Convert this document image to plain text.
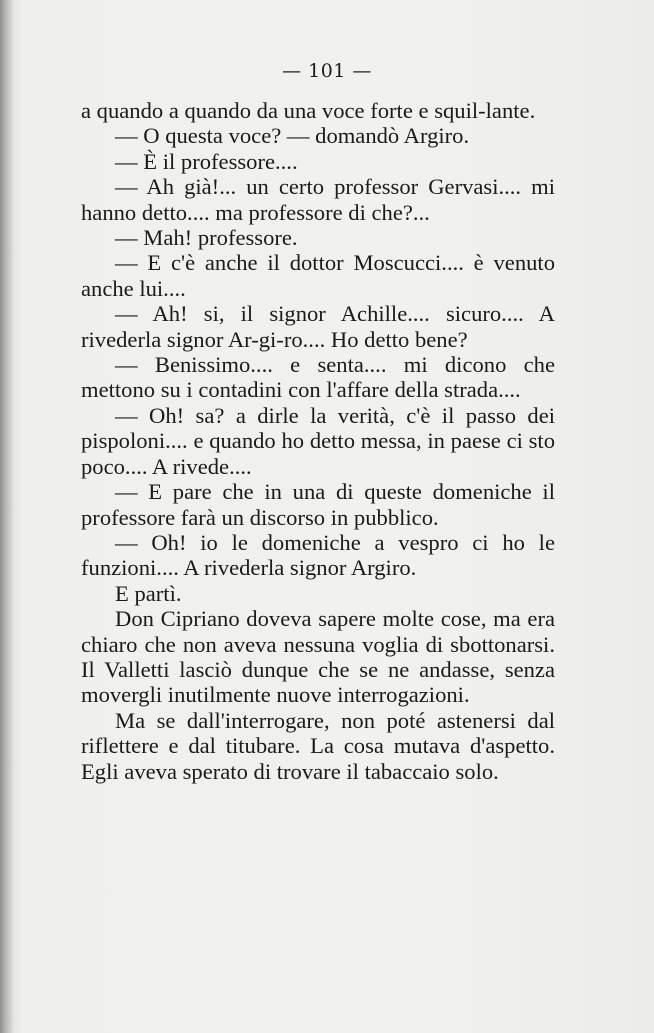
— 101 —

a quando a quando da una voce forte e squil-lante.

— O questa voce? — domandò Argiro.

— È il professore....

— Ah già!... un certo professor Gervasi.... mi hanno detto.... ma professore di che?...

— Mah! professore.

— E c'è anche il dottor Moscucci.... è venuto anche lui....

— Ah! si, il signor Achille.... sicuro.... A rivederla signor Ar-gi-ro.... Ho detto bene?

— Benissimo.... e senta.... mi dicono che mettono su i contadini con l'affare della strada....

— Oh! sa? a dirle la verità, c'è il passo dei pispoloni.... e quando ho detto messa, in paese ci sto poco.... A rivede....

— E pare che in una di queste domeniche il professore farà un discorso in pubblico.

— Oh! io le domeniche a vespro ci ho le funzioni.... A rivederla signor Argiro.

E partì.

Don Cipriano doveva sapere molte cose, ma era chiaro che non aveva nessuna voglia di sbottonarsi. Il Valletti lasciò dunque che se ne andasse, senza movergli inutilmente nuove interrogazioni.

Ma se dall'interrogare, non poté astenersi dal riflettere e dal titubare. La cosa mutava d'aspetto. Egli aveva sperato di trovare il tabaccaio solo.
